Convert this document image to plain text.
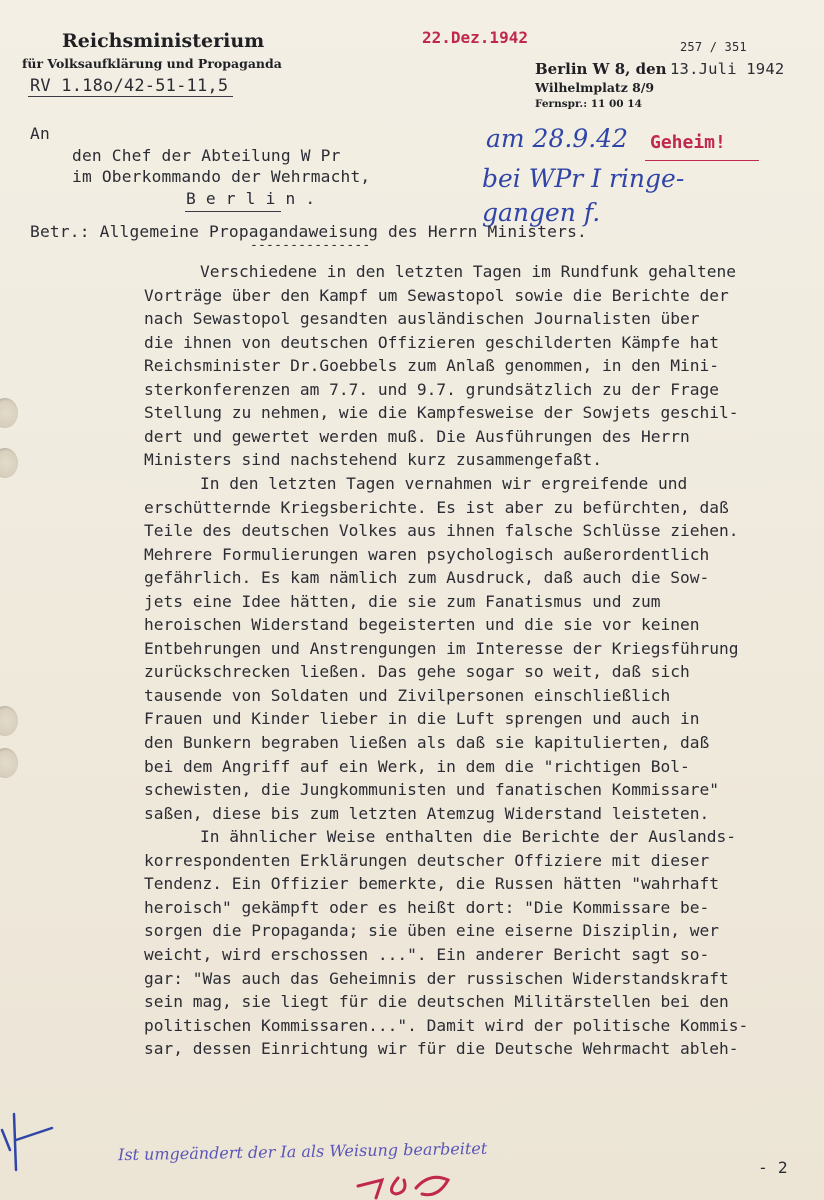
Reichsministerium
für Volksaufklärung und Propaganda
RV 1.18o/42-51-11,5
22.Dez.1942	257 / 351
Berlin W 8, den 13.Juli 1942
Wilhelmplatz 8/9
Fernspr.: 11 00 14
An
den Chef der Abteilung W Pr
im Oberkommando der Wehrmacht,
B e r l i n .
Geheim!
am 28.9.42
bei WPr I ringe-
gangen f.
Betr.: Allgemeine Propagandaweisung des Herrn Ministers.
---------------
Verschiedene in den letzten Tagen im Rundfunk gehaltene
Vorträge über den Kampf um Sewastopol sowie die Berichte der
nach Sewastopol gesandten ausländischen Journalisten über
die ihnen von deutschen Offizieren geschilderten Kämpfe hat
Reichsminister Dr.Goebbels zum Anlaß genommen, in den Mini-
sterkonferenzen am 7.7. und 9.7. grundsätzlich zu der Frage
Stellung zu nehmen, wie die Kampfesweise der Sowjets geschil-
dert und gewertet werden muß. Die Ausführungen des Herrn
Ministers sind nachstehend kurz zusammengefaßt.
In den letzten Tagen vernahmen wir ergreifende und
erschütternde Kriegsberichte. Es ist aber zu befürchten, daß
Teile des deutschen Volkes aus ihnen falsche Schlüsse ziehen.
Mehrere Formulierungen waren psychologisch außerordentlich
gefährlich. Es kam nämlich zum Ausdruck, daß auch die Sow-
jets eine Idee hätten, die sie zum Fanatismus und zum
heroischen Widerstand begeisterten und die sie vor keinen
Entbehrungen und Anstrengungen im Interesse der Kriegsführung
zurückschrecken ließen. Das gehe sogar so weit, daß sich
tausende von Soldaten und Zivilpersonen einschließlich
Frauen und Kinder lieber in die Luft sprengen und auch in
den Bunkern begraben ließen als daß sie kapitulierten, daß
bei dem Angriff auf ein Werk, in dem die "richtigen Bol-
schewisten, die Jungkommunisten und fanatischen Kommissare"
saßen, diese bis zum letzten Atemzug Widerstand leisteten.
In ähnlicher Weise enthalten die Berichte der Auslands-
korrespondenten Erklärungen deutscher Offiziere mit dieser
Tendenz. Ein Offizier bemerkte, die Russen hätten "wahrhaft
heroisch" gekämpft oder es heißt dort: "Die Kommissare be-
sorgen die Propaganda; sie üben eine eiserne Disziplin, wer
weicht, wird erschossen ...". Ein anderer Bericht sagt so-
gar: "Was auch das Geheimnis der russischen Widerstandskraft
sein mag, sie liegt für die deutschen Militärstellen bei den
politischen Kommissaren...". Damit wird der politische Kommis-
sar, dessen Einrichtung wir für die Deutsche Wehrmacht ableh-
Ist umgeändert der Ia als Weisung bearbeitet
- 2
